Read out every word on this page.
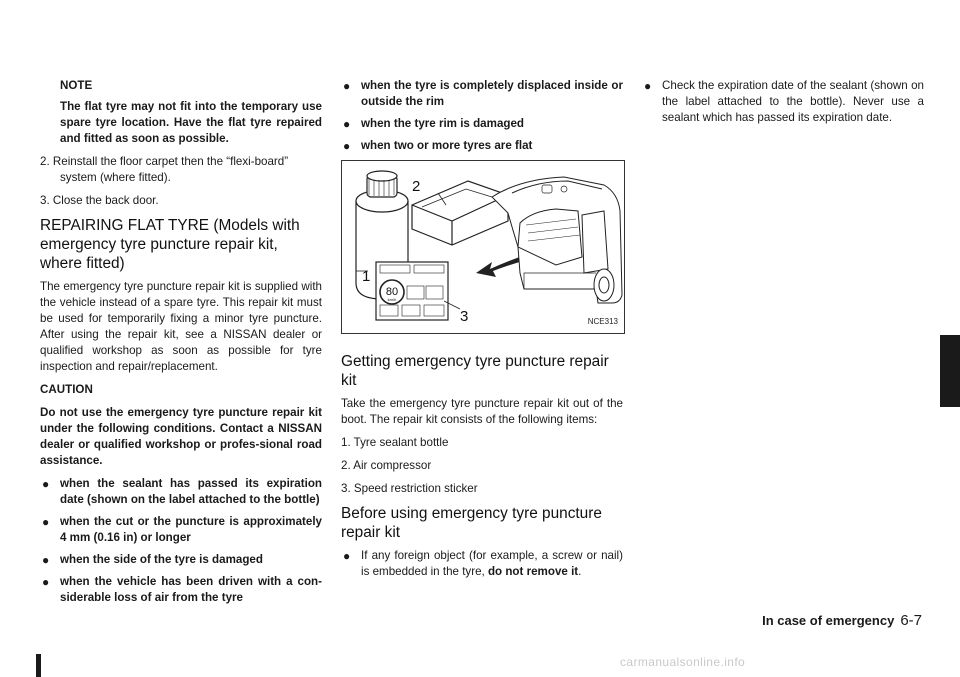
NOTE

The flat tyre may not fit into the temporary use spare tyre location. Have the flat tyre repaired and fitted as soon as possible.

2. Reinstall the floor carpet then the “flexi-board” system (where fitted).

3. Close the back door.

REPAIRING FLAT TYRE (Models with emergency tyre puncture repair kit, where fitted)

The emergency tyre puncture repair kit is supplied with the vehicle instead of a spare tyre. This repair kit must be used for temporarily fixing a minor tyre puncture. After using the repair kit, see a NISSAN dealer or qualified workshop as soon as possible for tyre inspection and repair/replacement.

CAUTION

Do not use the emergency tyre puncture repair kit under the following conditions. Contact a NISSAN dealer or qualified workshop or profes-sional road assistance.

● when the sealant has passed its expiration date (shown on the label attached to the bottle)
● when the cut or the puncture is approximately 4 mm (0.16 in) or longer
● when the side of the tyre is damaged
● when the vehicle has been driven with a con-siderable loss of air from the tyre
● when the tyre is completely displaced inside or outside the rim
● when the tyre rim is damaged
● when two or more tyres are flat
2
1
80
km/h
3	NCE313
Getting emergency tyre puncture repair kit

Take the emergency tyre puncture repair kit out of the boot. The repair kit consists of the following items:

1. Tyre sealant bottle

2. Air compressor

3. Speed restriction sticker

Before using emergency tyre puncture repair kit
● If any foreign object (for example, a screw or nail) is embedded in the tyre, do not remove it.
● Check the expiration date of the sealant (shown on the label attached to the bottle). Never use a sealant which has passed its expiration date.
In case of emergency 6-7
carmanualsonline.info
